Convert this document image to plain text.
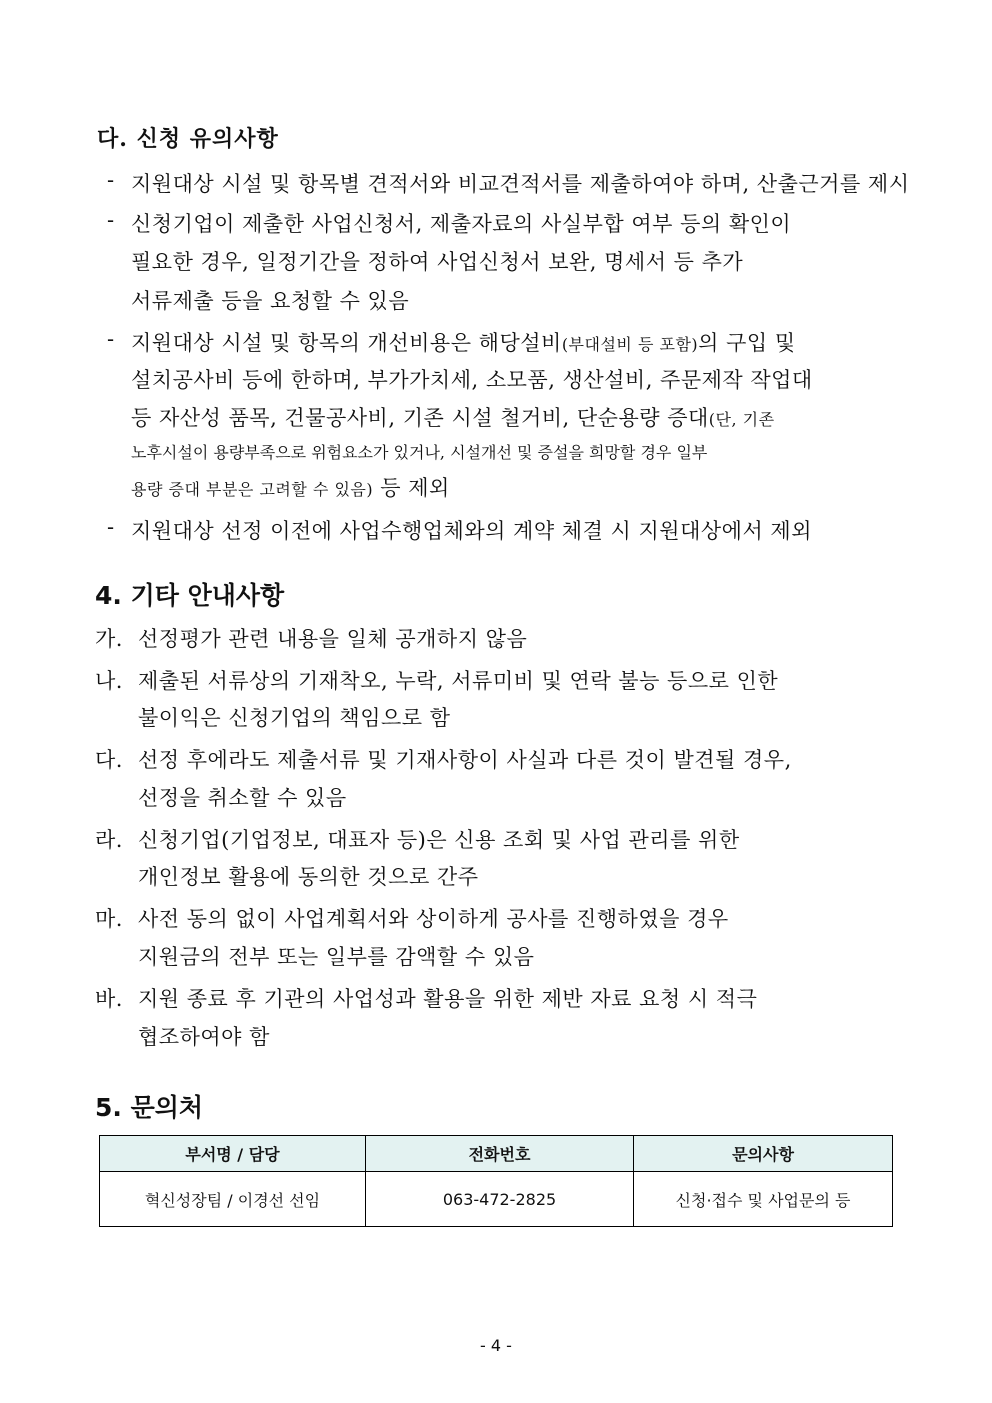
다. 신청 유의사항
- 지원대상 시설 및 항목별 견적서와 비교견적서를 제출하여야 하며, 산출근거를 제시
- 신청기업이 제출한 사업신청서, 제출자료의 사실부합 여부 등의 확인이
필요한 경우, 일정기간을 정하여 사업신청서 보완, 명세서 등 추가
서류제출 등을 요청할 수 있음
- 지원대상 시설 및 항목의 개선비용은 해당설비(부대설비 등 포함)의 구입 및
설치공사비 등에 한하며, 부가가치세, 소모품, 생산설비, 주문제작 작업대
등 자산성 품목, 건물공사비, 기존 시설 철거비, 단순용량 증대(단, 기존
노후시설이 용량부족으로 위험요소가 있거나, 시설개선 및 증설을 희망할 경우 일부
용량 증대 부분은 고려할 수 있음) 등 제외
- 지원대상 선정 이전에 사업수행업체와의 계약 체결 시 지원대상에서 제외
4. 기타 안내사항
가. 선정평가 관련 내용을 일체 공개하지 않음
나. 제출된 서류상의 기재착오, 누락, 서류미비 및 연락 불능 등으로 인한
불이익은 신청기업의 책임으로 함
다. 선정 후에라도 제출서류 및 기재사항이 사실과 다른 것이 발견될 경우,
선정을 취소할 수 있음
라. 신청기업(기업정보, 대표자 등)은 신용 조회 및 사업 관리를 위한
개인정보 활용에 동의한 것으로 간주
마. 사전 동의 없이 사업계획서와 상이하게 공사를 진행하였을 경우
지원금의 전부 또는 일부를 감액할 수 있음
바. 지원 종료 후 기관의 사업성과 활용을 위한 제반 자료 요청 시 적극
협조하여야 함
5. 문의처
부서명 / 담당	전화번호	문의사항
혁신성장팀 / 이경선 선임	063-472-2825	신청·접수 및 사업문의 등
- 4 -
